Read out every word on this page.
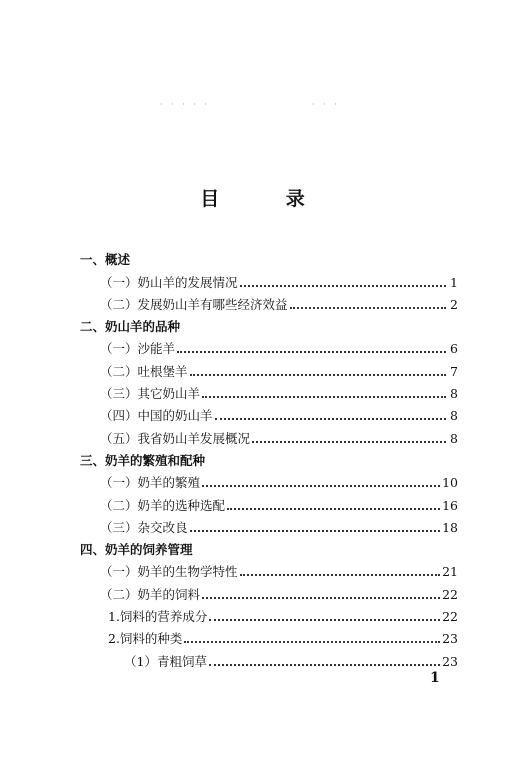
· · · · ·	· · ·
目 录
一、概述
（一）奶山羊的发展情况	1
（二）发展奶山羊有哪些经济效益	2
二、奶山羊的品种
（一）沙能羊	6
（二）吐根堡羊	7
（三）其它奶山羊	8
（四）中国的奶山羊	8
（五）我省奶山羊发展概况	8
三、奶羊的繁殖和配种
（一）奶羊的繁殖	10
（二）奶羊的选种选配	16
（三）杂交改良	18
四、奶羊的饲养管理
（一）奶羊的生物学特性	21
（二）奶羊的饲料	22
1.饲料的营养成分	22
2.饲料的种类	23
（1）青粗饲草	23
1
